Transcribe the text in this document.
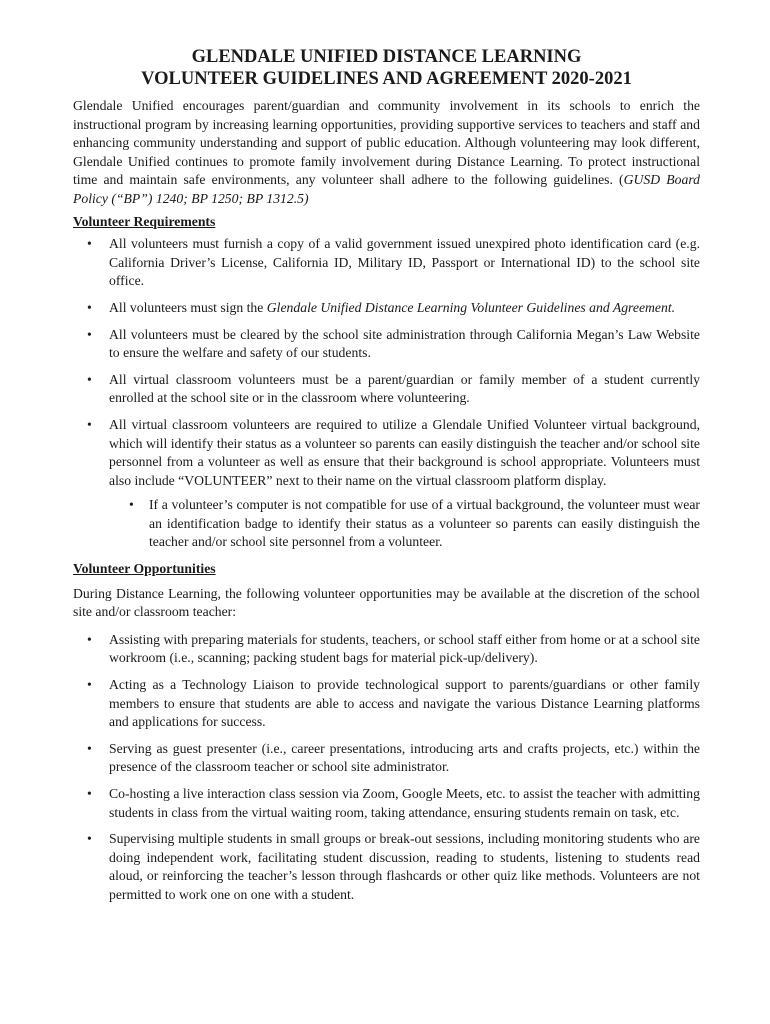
GLENDALE UNIFIED DISTANCE LEARNING
VOLUNTEER GUIDELINES AND AGREEMENT 2020-2021

Glendale Unified encourages parent/guardian and community involvement in its schools to enrich the instructional program by increasing learning opportunities, providing supportive services to teachers and staff and enhancing community understanding and support of public education. Although volunteering may look different, Glendale Unified continues to promote family involvement during Distance Learning. To protect instructional time and maintain safe environments, any volunteer shall adhere to the following guidelines. (GUSD Board Policy (“BP”) 1240; BP 1250; BP 1312.5)

Volunteer Requirements
• All volunteers must furnish a copy of a valid government issued unexpired photo identification card (e.g. California Driver’s License, California ID, Military ID, Passport or International ID) to the school site office.
• All volunteers must sign the Glendale Unified Distance Learning Volunteer Guidelines and Agreement.
• All volunteers must be cleared by the school site administration through California Megan’s Law Website to ensure the welfare and safety of our students.
• All virtual classroom volunteers must be a parent/guardian or family member of a student currently enrolled at the school site or in the classroom where volunteering.
• All virtual classroom volunteers are required to utilize a Glendale Unified Volunteer virtual background, which will identify their status as a volunteer so parents can easily distinguish the teacher and/or school site personnel from a volunteer as well as ensure that their background is school appropriate. Volunteers must also include “VOLUNTEER” next to their name on the virtual classroom platform display.
• If a volunteer’s computer is not compatible for use of a virtual background, the volunteer must wear an identification badge to identify their status as a volunteer so parents can easily distinguish the teacher and/or school site personnel from a volunteer.
Volunteer Opportunities

During Distance Learning, the following volunteer opportunities may be available at the discretion of the school site and/or classroom teacher:

• Assisting with preparing materials for students, teachers, or school staff either from home or at a school site workroom (i.e., scanning; packing student bags for material pick-up/delivery).
• Acting as a Technology Liaison to provide technological support to parents/guardians or other family members to ensure that students are able to access and navigate the various Distance Learning platforms and applications for success.
• Serving as guest presenter (i.e., career presentations, introducing arts and crafts projects, etc.) within the presence of the classroom teacher or school site administrator.
• Co-hosting a live interaction class session via Zoom, Google Meets, etc. to assist the teacher with admitting students in class from the virtual waiting room, taking attendance, ensuring students remain on task, etc.
• Supervising multiple students in small groups or break-out sessions, including monitoring students who are doing independent work, facilitating student discussion, reading to students, listening to students read aloud, or reinforcing the teacher’s lesson through flashcards or other quiz like methods. Volunteers are not permitted to work one on one with a student.
